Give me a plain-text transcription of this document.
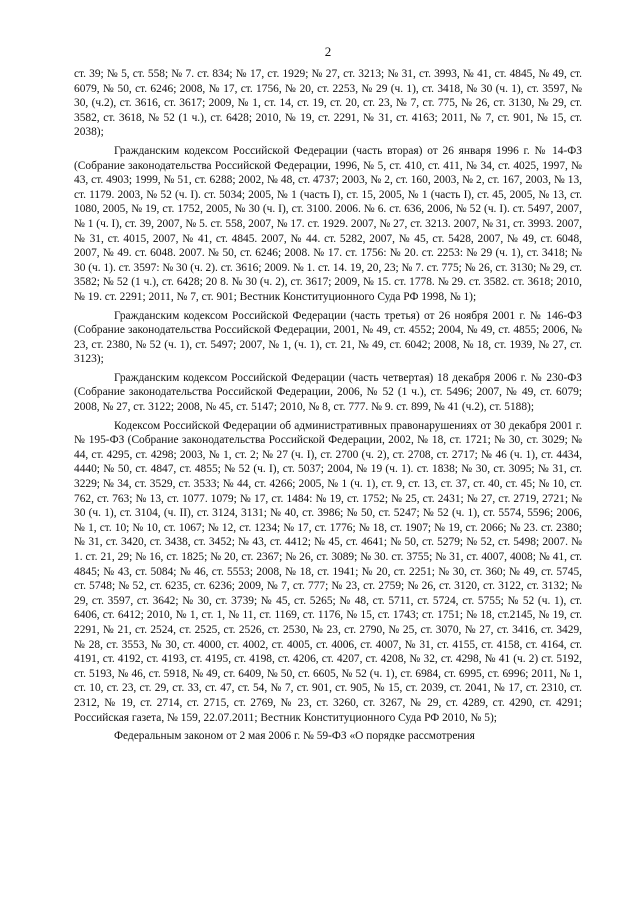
2

ст. 39; № 5, ст. 558; № 7. ст. 834; № 17, ст. 1929; № 27, ст. 3213; № 31, ст. 3993, № 41, ст. 4845, № 49, ст. 6079, № 50, ст. 6246; 2008, № 17, ст. 1756, № 20, ст. 2253, № 29 (ч. 1), ст. 3418, № 30 (ч. 1), ст. 3597, № 30, (ч.2), ст. 3616, ст. 3617; 2009, № 1, ст. 14, ст. 19, ст. 20, ст. 23, № 7, ст. 775, № 26, ст. 3130, № 29, ст. 3582, ст. 3618, № 52 (1 ч.), ст. 6428; 2010, № 19, ст. 2291, № 31, ст. 4163; 2011, № 7, ст. 901, № 15, ст. 2038);

Гражданским кодексом Российской Федерации (часть вторая) от 26 января 1996 г. № 14-ФЗ (Собрание законодательства Российской Федерации, 1996, № 5, ст. 410, ст. 411, № 34, ст. 4025, 1997, № 43, ст. 4903; 1999, № 51, ст. 6288; 2002, № 48, ст. 4737; 2003, № 2, ст. 160, 2003, № 2, ст. 167, 2003, № 13, ст. 1179. 2003, № 52 (ч. I). ст. 5034; 2005, № 1 (часть I), ст. 15, 2005, № 1 (часть I), ст. 45, 2005, № 13, ст. 1080, 2005, № 19, ст. 1752, 2005, № 30 (ч. I), ст. 3100. 2006. № 6. ст. 636, 2006, № 52 (ч. I). ст. 5497, 2007, № 1 (ч. I), ст. 39, 2007, № 5. ст. 558, 2007, № 17. ст. 1929. 2007, № 27, ст. 3213. 2007, № 31, ст. 3993. 2007, № 31, ст. 4015, 2007, № 41, ст. 4845. 2007, № 44. ст. 5282, 2007, № 45, ст. 5428, 2007, № 49, ст. 6048, 2007, № 49. ст. 6048. 2007. № 50, ст. 6246; 2008. № 17. ст. 1756: № 20. ст. 2253: № 29 (ч. 1), ст. 3418; № 30 (ч. 1). ст. 3597: № 30 (ч. 2). ст. 3616; 2009. № 1. ст. 14. 19, 20, 23; № 7. ст. 775; № 26, ст. 3130; № 29, ст. 3582; № 52 (1 ч.), ст. 6428; 20 8. № 30 (ч. 2), ст. 3617; 2009, № 15. ст. 1778. № 29. ст. 3582. ст. 3618; 2010, № 19. ст. 2291; 2011, № 7, ст. 901; Вестник Конституционного Суда РФ 1998, № 1);

Гражданским кодексом Российской Федерации (часть третья) от 26 ноября 2001 г. № 146-ФЗ (Собрание законодательства Российской Федерации, 2001, № 49, ст. 4552; 2004, № 49, ст. 4855; 2006, № 23, ст. 2380, № 52 (ч. 1), ст. 5497; 2007, № 1, (ч. 1), ст. 21, № 49, ст. 6042; 2008, № 18, ст. 1939, № 27, ст. 3123);

Гражданским кодексом Российской Федерации (часть четвертая) 18 декабря 2006 г. № 230-ФЗ (Собрание законодательства Российской Федерации, 2006, № 52 (1 ч.), ст. 5496; 2007, № 49, ст. 6079; 2008, № 27, ст. 3122; 2008, № 45, ст. 5147; 2010, № 8, ст. 777. № 9. ст. 899, № 41 (ч.2), ст. 5188);

Кодексом Российской Федерации об административных правонарушениях от 30 декабря 2001 г. № 195-ФЗ (Собрание законодательства Российской Федерации, 2002, № 18, ст. 1721; № 30, ст. 3029; № 44, ст. 4295, ст. 4298; 2003, № 1, ст. 2; № 27 (ч. I), ст. 2700 (ч. 2), ст. 2708, ст. 2717; № 46 (ч. 1), ст. 4434, 4440; № 50, ст. 4847, ст. 4855; № 52 (ч. I), ст. 5037; 2004, № 19 (ч. 1). ст. 1838; № 30, ст. 3095; № 31, ст. 3229; № 34, ст. 3529, ст. 3533; № 44, ст. 4266; 2005, № 1 (ч. 1), ст. 9, ст. 13, ст. 37, ст. 40, ст. 45; № 10, ст. 762, ст. 763; № 13, ст. 1077. 1079; № 17, ст. 1484: № 19, ст. 1752; № 25, ст. 2431; № 27, ст. 2719, 2721; № 30 (ч. 1), ст. 3104, (ч. II), ст. 3124, 3131; № 40, ст. 3986; № 50, ст. 5247; № 52 (ч. 1), ст. 5574, 5596; 2006, № 1, ст. 10; № 10, ст. 1067; № 12, ст. 1234; № 17, ст. 1776; № 18, ст. 1907; № 19, ст. 2066; № 23. ст. 2380; № 31, ст. 3420, ст. 3438, ст. 3452; № 43, ст. 4412; № 45, ст. 4641; № 50, ст. 5279; № 52, ст. 5498; 2007. № 1. ст. 21, 29; № 16, ст. 1825; № 20, ст. 2367; № 26, ст. 3089; № 30. ст. 3755; № 31, ст. 4007, 4008; № 41, ст. 4845; № 43, ст. 5084; № 46, ст. 5553; 2008, № 18, ст. 1941; № 20, ст. 2251; № 30, ст. 360; № 49, ст. 5745, ст. 5748; № 52, ст. 6235, ст. 6236; 2009, № 7, ст. 777; № 23, ст. 2759; № 26, ст. 3120, ст. 3122, ст. 3132; № 29, ст. 3597, ст. 3642; № 30, ст. 3739; № 45, ст. 5265; № 48, ст. 5711, ст. 5724, ст. 5755; № 52 (ч. 1), ст. 6406, ст. 6412; 2010, № 1, ст. 1, № 11, ст. 1169, ст. 1176, № 15, ст. 1743; ст. 1751; № 18, ст.2145, № 19, ст. 2291, № 21, ст. 2524, ст. 2525, ст. 2526, ст. 2530, № 23, ст. 2790, № 25, ст. 3070, № 27, ст. 3416, ст. 3429, № 28, ст. 3553, № 30, ст. 4000, ст. 4002, ст. 4005, ст. 4006, ст. 4007, № 31, ст. 4155, ст. 4158, ст. 4164, ст. 4191, ст. 4192, ст. 4193, ст. 4195, ст. 4198, ст. 4206, ст. 4207, ст. 4208, № 32, ст. 4298, № 41 (ч. 2) ст. 5192, ст. 5193, № 46, ст. 5918, № 49, ст. 6409, № 50, ст. 6605, № 52 (ч. 1), ст. 6984, ст. 6995, ст. 6996; 2011, № 1, ст. 10, ст. 23, ст. 29, ст. 33, ст. 47, ст. 54, № 7, ст. 901, ст. 905, № 15, ст. 2039, ст. 2041, № 17, ст. 2310, ст. 2312, № 19, ст. 2714, ст. 2715, ст. 2769, № 23, ст. 3260, ст. 3267, № 29, ст. 4289, ст. 4290, ст. 4291; Российская газета, № 159, 22.07.2011; Вестник Конституционного Суда РФ 2010, № 5);

Федеральным законом от 2 мая 2006 г. № 59-ФЗ «О порядке рассмотрения
